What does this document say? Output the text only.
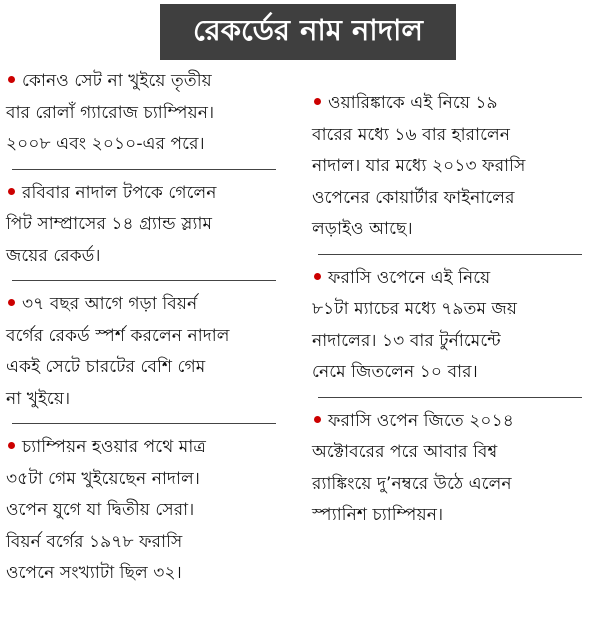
রেকর্ডের নাম নাদাল
কোনও সেট না খুইয়ে তৃতীয়
বার রোলাঁ গ্যারোজ চ্যাম্পিয়ন।
২০০৮ এবং ২০১০-এর পরে।
রবিবার নাদাল টপকে গেলেন
পিট সাম্প্রাসের ১৪ গ্র্যান্ড স্ল্যাম
জয়ের রেকর্ড।
৩৭ বছর আগে গড়া বিয়র্ন
বর্গের রেকর্ড স্পর্শ করলেন নাদাল
একই সেটে চারটের বেশি গেম
না খুইয়ে।
চ্যাম্পিয়ন হওয়ার পথে মাত্র
৩৫টা গেম খুইয়েছেন নাদাল।
ওপেন যুগে যা দ্বিতীয় সেরা।
বিয়র্ন বর্গের ১৯৭৮ ফরাসি
ওপেনে সংখ্যাটা ছিল ৩২।
ওয়ারিঙ্কাকে এই নিয়ে ১৯
বারের মধ্যে ১৬ বার হারালেন
নাদাল। যার মধ্যে ২০১৩ ফরাসি
ওপেনের কোয়ার্টার ফাইনালের
লড়াইও আছে।
ফরাসি ওপেনে এই নিয়ে
৮১টা ম্যাচের মধ্যে ৭৯তম জয়
নাদালের। ১৩ বার টুর্নামেন্টে
নেমে জিতলেন ১০ বার।
ফরাসি ওপেন জিতে ২০১৪
অক্টোবরের পরে আবার বিশ্ব
র‌্যাঙ্কিংয়ে দু’নম্বরে উঠে এলেন
স্প্যানিশ চ্যাম্পিয়ন।
